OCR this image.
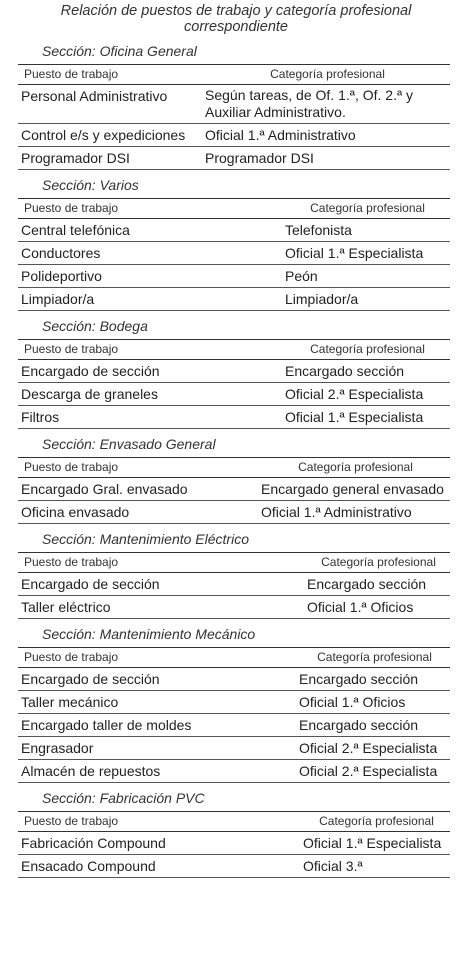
Relación de puestos de trabajo y categoría profesional
correspondiente
Sección: Oficina General
Puesto de trabajo	Categoría profesional
Personal Administrativo	Según tareas, de Of. 1.ª, Of. 2.ª y Auxiliar Administrativo.
Control e/s y expediciones	Oficial 1.ª Administrativo
Programador DSI	Programador DSI
Sección: Varios
Puesto de trabajo	Categoría profesional
Central telefónica	Telefonista
Conductores	Oficial 1.ª Especialista
Polideportivo	Peón
Limpiador/a	Limpiador/a
Sección: Bodega
Puesto de trabajo	Categoría profesional
Encargado de sección	Encargado sección
Descarga de graneles	Oficial 2.ª Especialista
Filtros	Oficial 1.ª Especialista
Sección: Envasado General
Puesto de trabajo	Categoría profesional
Encargado Gral. envasado	Encargado general envasado
Oficina envasado	Oficial 1.ª Administrativo
Sección: Mantenimiento Eléctrico
Puesto de trabajo	Categoría profesional
Encargado de sección	Encargado sección
Taller eléctrico	Oficial 1.ª Oficios
Sección: Mantenimiento Mecánico
Puesto de trabajo	Categoría profesional
Encargado de sección	Encargado sección
Taller mecánico	Oficial 1.ª Oficios
Encargado taller de moldes	Encargado sección
Engrasador	Oficial 2.ª Especialista
Almacén de repuestos	Oficial 2.ª Especialista
Sección: Fabricación PVC
Puesto de trabajo	Categoría profesional
Fabricación Compound	Oficial 1.ª Especialista
Ensacado Compound	Oficial 3.ª
